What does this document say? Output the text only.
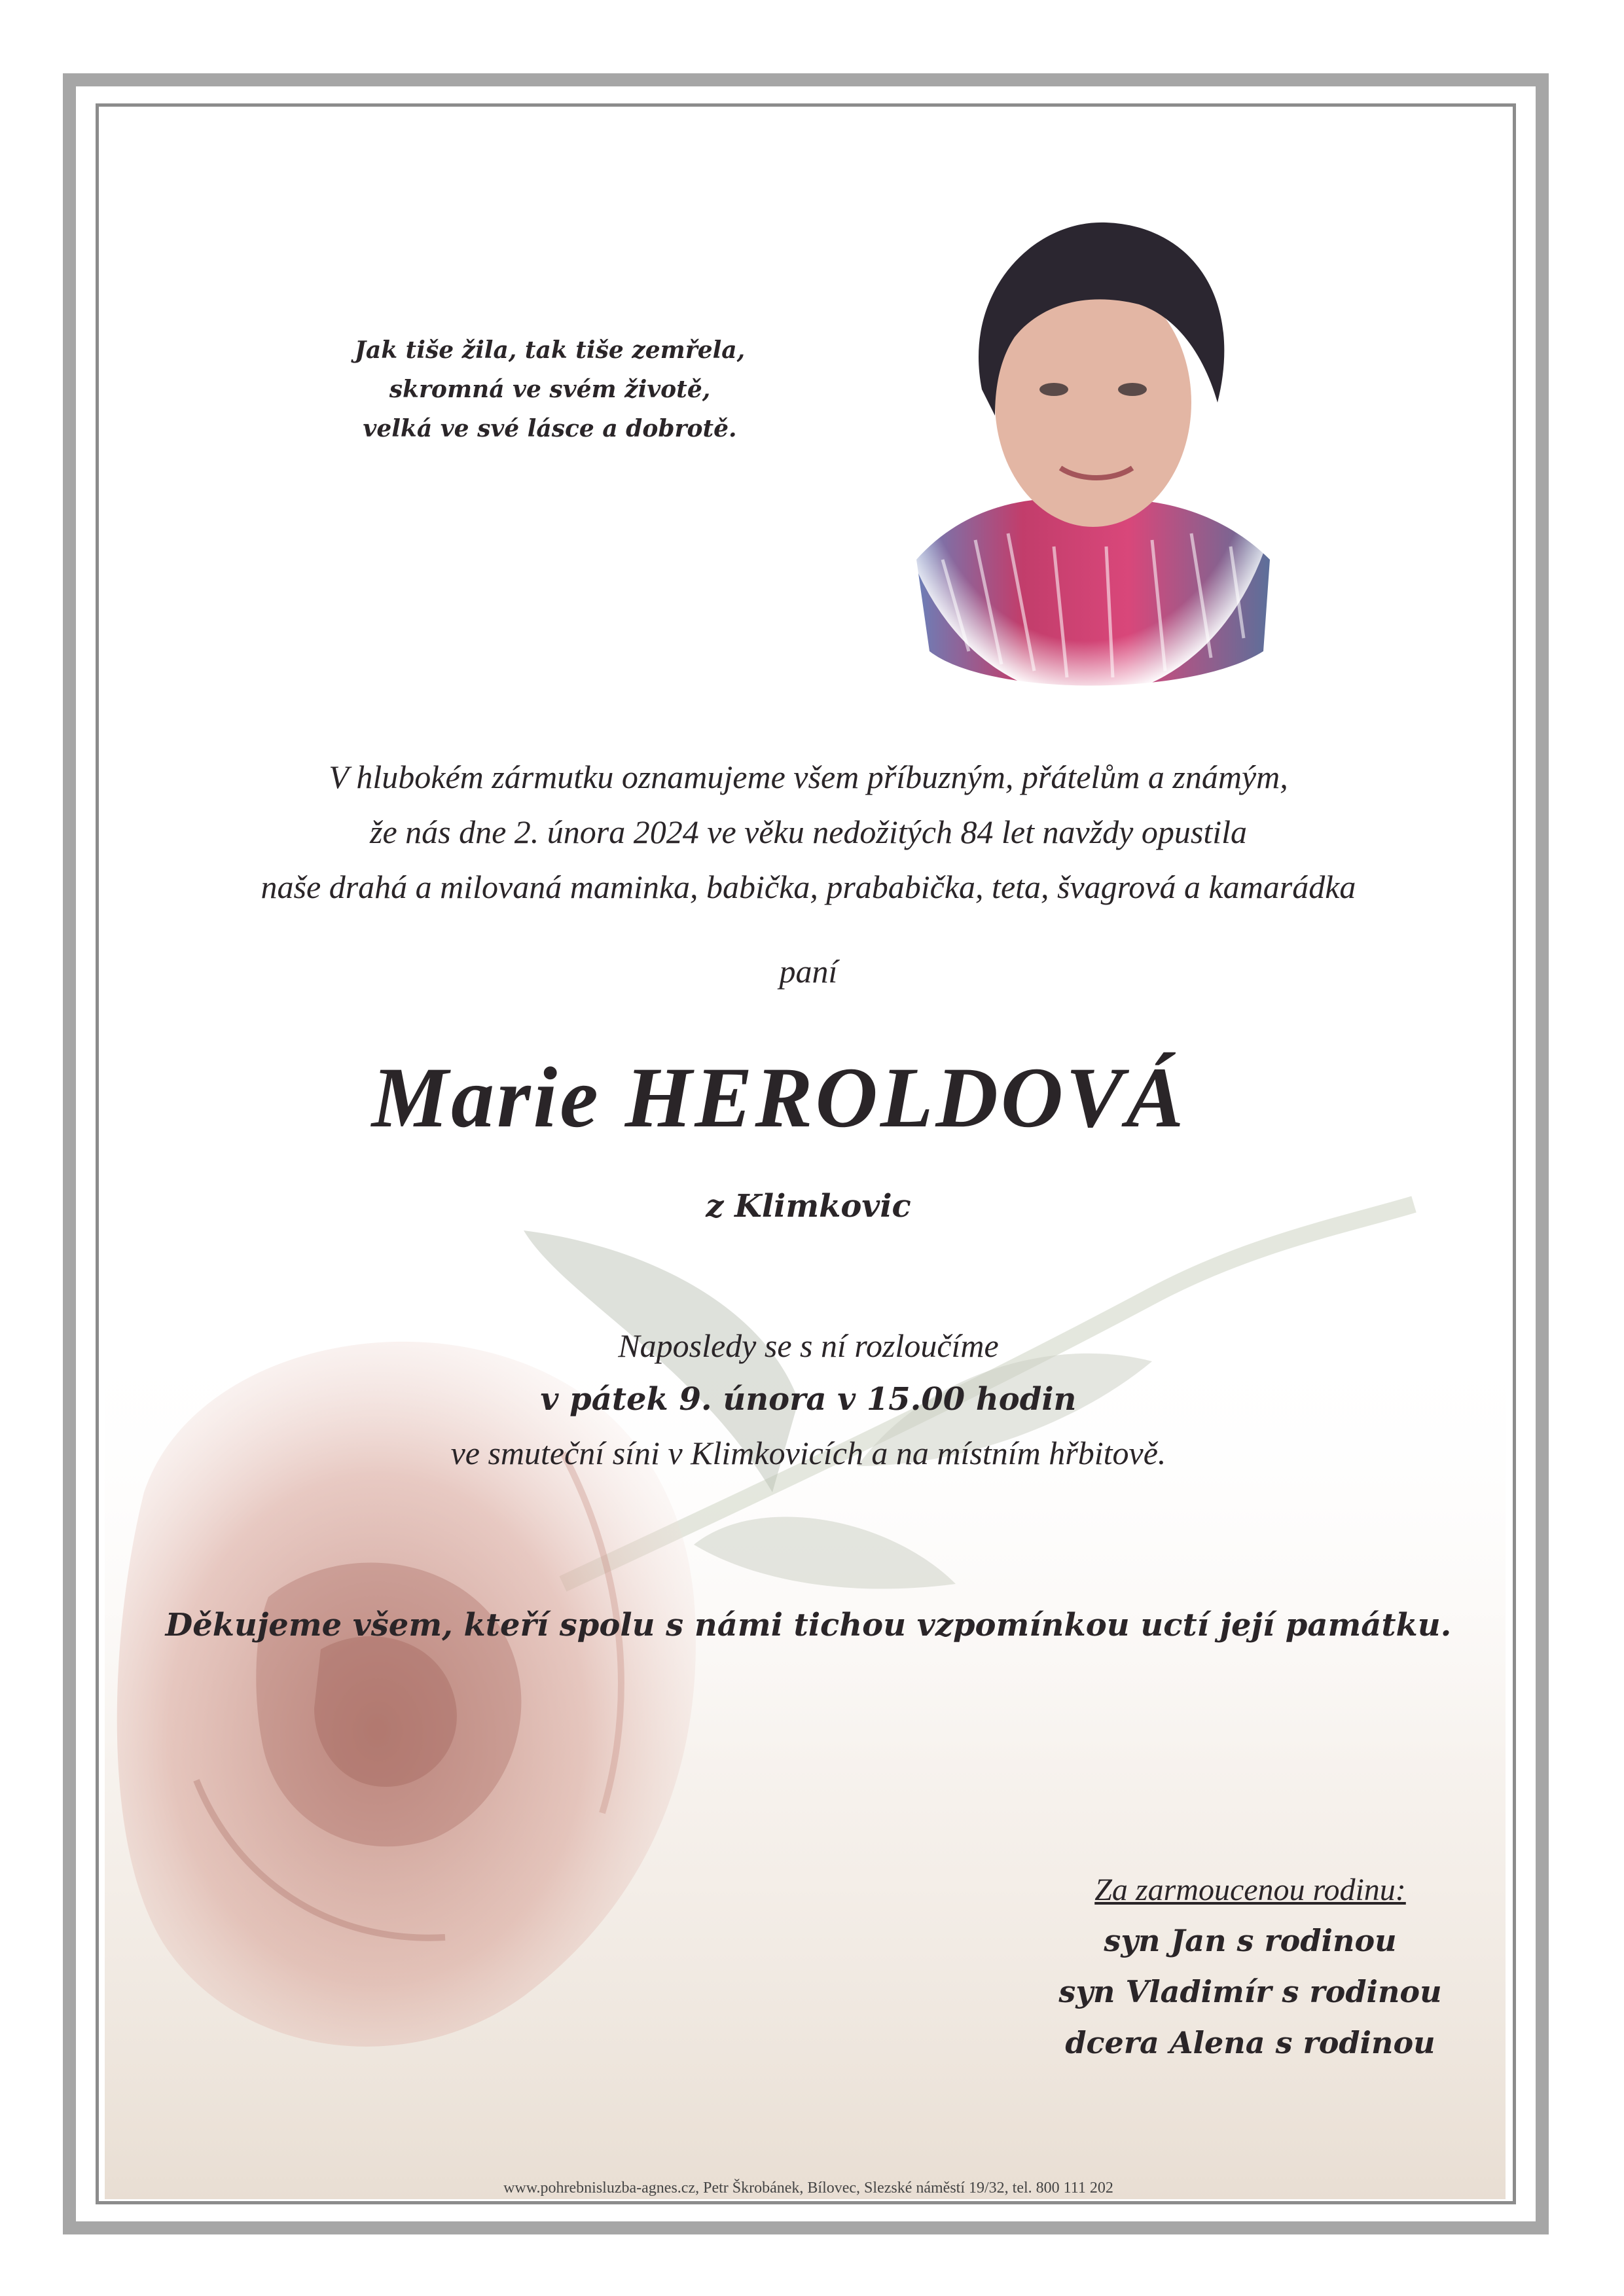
Jak tiše žila, tak tiše zemřela,
skromná ve svém životě,
velká ve své lásce a dobrotě.
V hlubokém zármutku oznamujeme všem příbuzným, přátelům a známým,
že nás dne 2. února 2024 ve věku nedožitých 84 let navždy opustila
naše drahá a milovaná maminka, babička, prababička, teta, švagrová a kamarádka
paní
Marie HEROLDOVÁ
z Klimkovic
Naposledy se s ní rozloučíme
v pátek 9. února v 15.00 hodin
ve smuteční síni v Klimkovicích a na místním hřbitově.
Děkujeme všem, kteří spolu s námi tichou vzpomínkou uctí její památku.
Za zarmoucenou rodinu:
syn Jan s rodinou
syn Vladimír s rodinou
dcera Alena s rodinou
www.pohrebnisluzba-agnes.cz, Petr Škrobánek, Bílovec, Slezské náměstí 19/32, tel. 800 111 202
